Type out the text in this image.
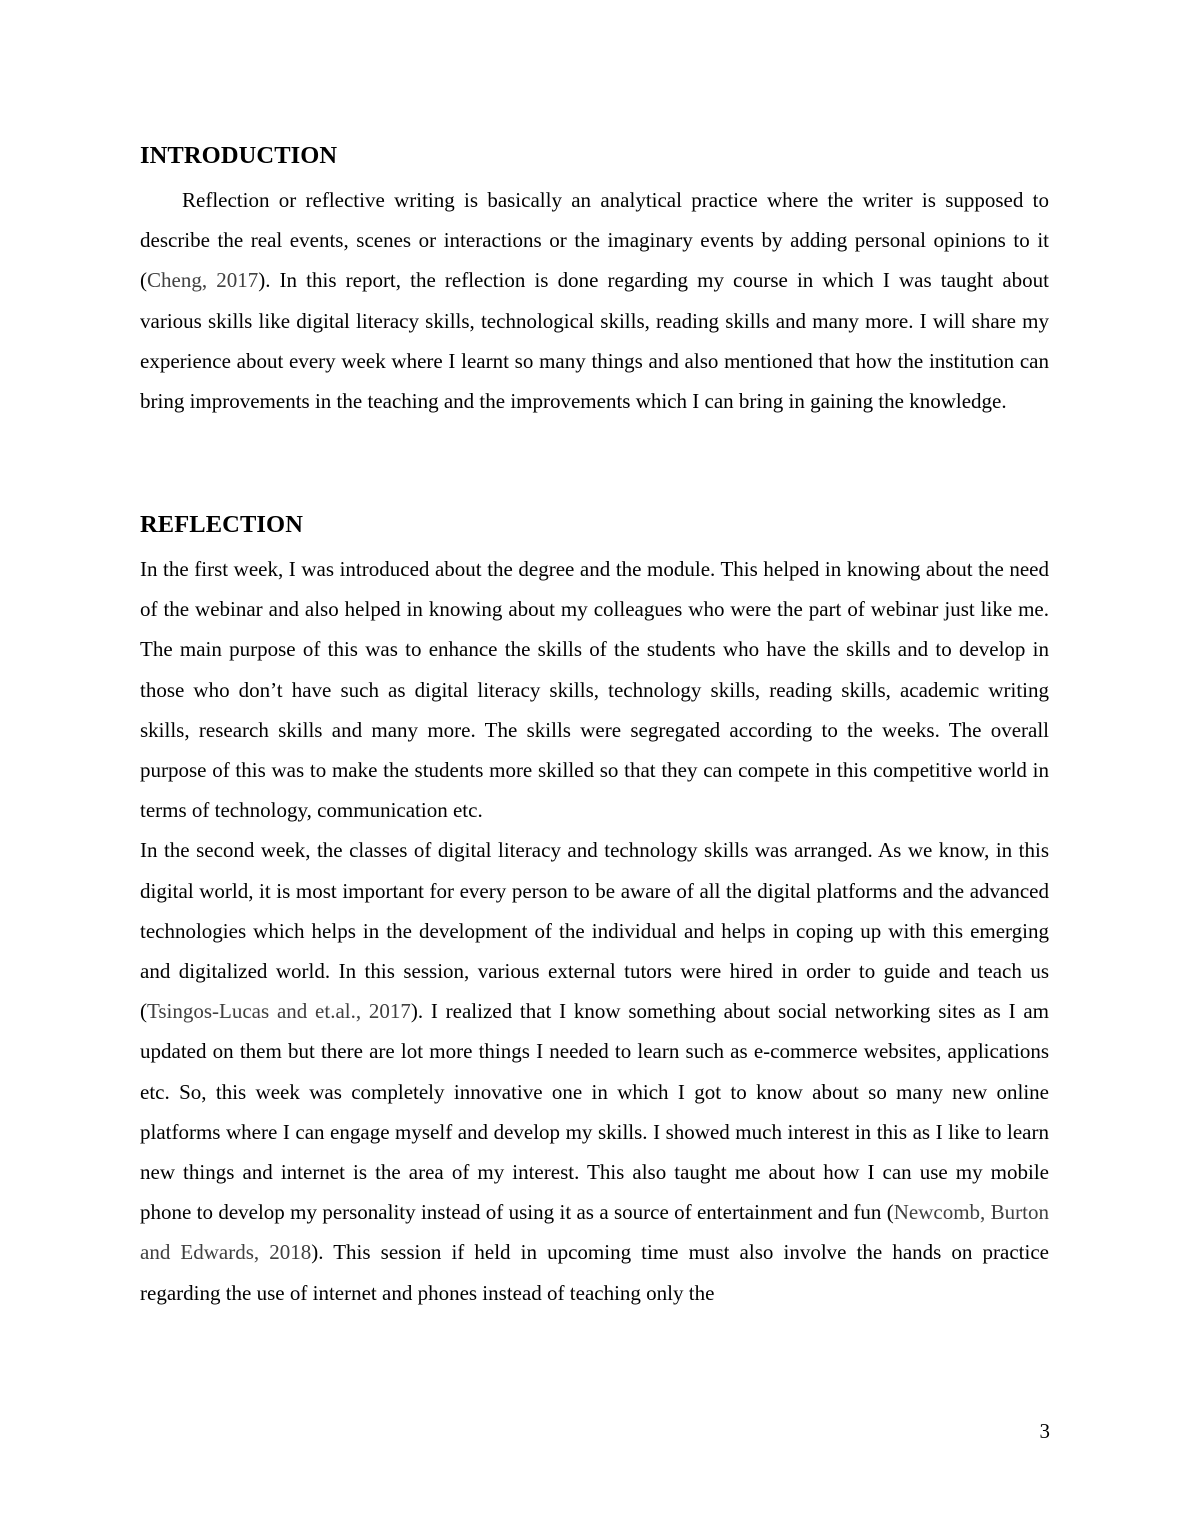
INTRODUCTION

Reflection or reflective writing is basically an analytical practice where the writer is supposed to describe the real events, scenes or interactions or the imaginary events by adding personal opinions to it (Cheng, 2017). In this report, the reflection is done regarding my course in which I was taught about various skills like digital literacy skills, technological skills, reading skills and many more. I will share my experience about every week where I learnt so many things and also mentioned that how the institution can bring improvements in the teaching and the improvements which I can bring in gaining the knowledge.

REFLECTION

In the first week, I was introduced about the degree and the module. This helped in knowing about the need of the webinar and also helped in knowing about my colleagues who were the part of webinar just like me. The main purpose of this was to enhance the skills of the students who have the skills and to develop in those who don’t have such as digital literacy skills, technology skills, reading skills, academic writing skills, research skills and many more. The skills were segregated according to the weeks. The overall purpose of this was to make the students more skilled so that they can compete in this competitive world in terms of technology, communication etc.

In the second week, the classes of digital literacy and technology skills was arranged. As we know, in this digital world, it is most important for every person to be aware of all the digital platforms and the advanced technologies which helps in the development of the individual and helps in coping up with this emerging and digitalized world. In this session, various external tutors were hired in order to guide and teach us (Tsingos-Lucas and et.al., 2017). I realized that I know something about social networking sites as I am updated on them but there are lot more things I needed to learn such as e-commerce websites, applications etc. So, this week was completely innovative one in which I got to know about so many new online platforms where I can engage myself and develop my skills. I showed much interest in this as I like to learn new things and internet is the area of my interest. This also taught me about how I can use my mobile phone to develop my personality instead of using it as a source of entertainment and fun (Newcomb, Burton and Edwards, 2018). This session if held in upcoming time must also involve the hands on practice regarding the use of internet and phones instead of teaching only the

3
